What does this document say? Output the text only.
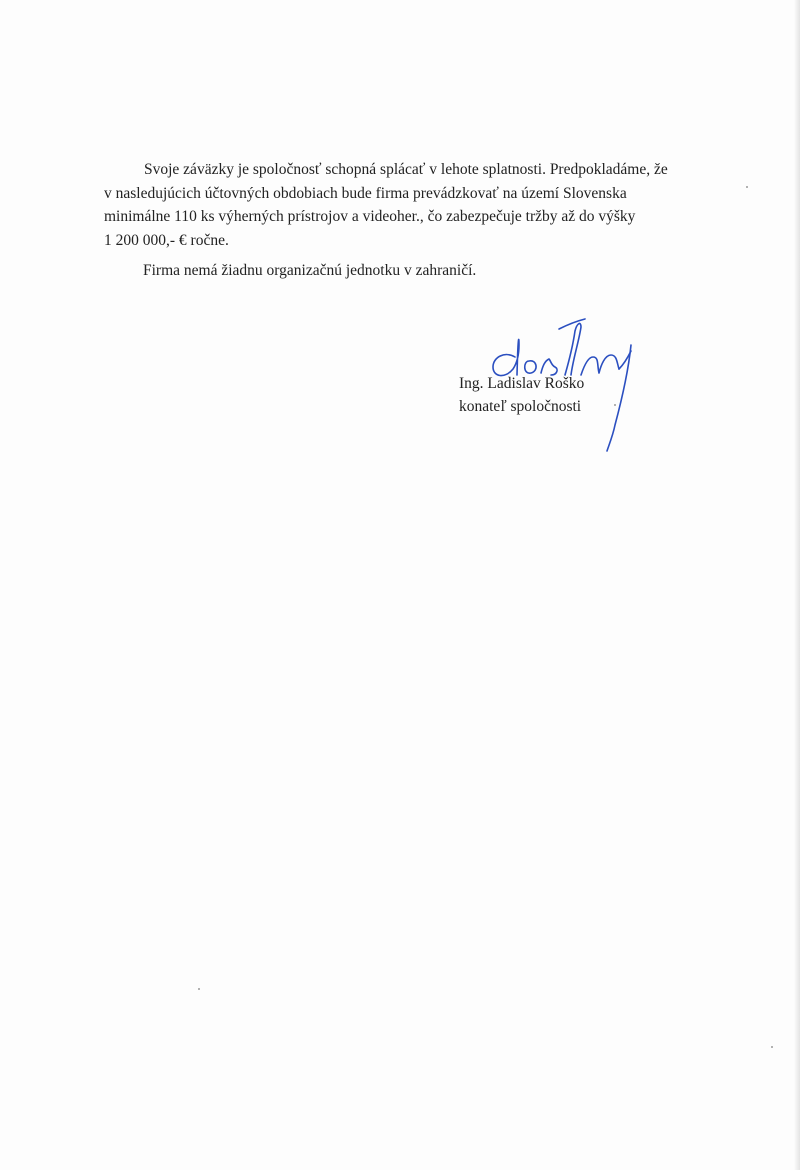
Svoje záväzky je spoločnosť schopná splácať v lehote splatnosti. Predpokladáme, že
v nasledujúcich účtovných obdobiach bude firma prevádzkovať na území Slovenska
minimálne 110 ks výherných prístrojov a videoher., čo zabezpečuje tržby až do výšky
1 200 000,- € ročne.
Firma nemá žiadnu organizačnú jednotku v zahraničí.
Ing. Ladislav Roško
konateľ spoločnosti
